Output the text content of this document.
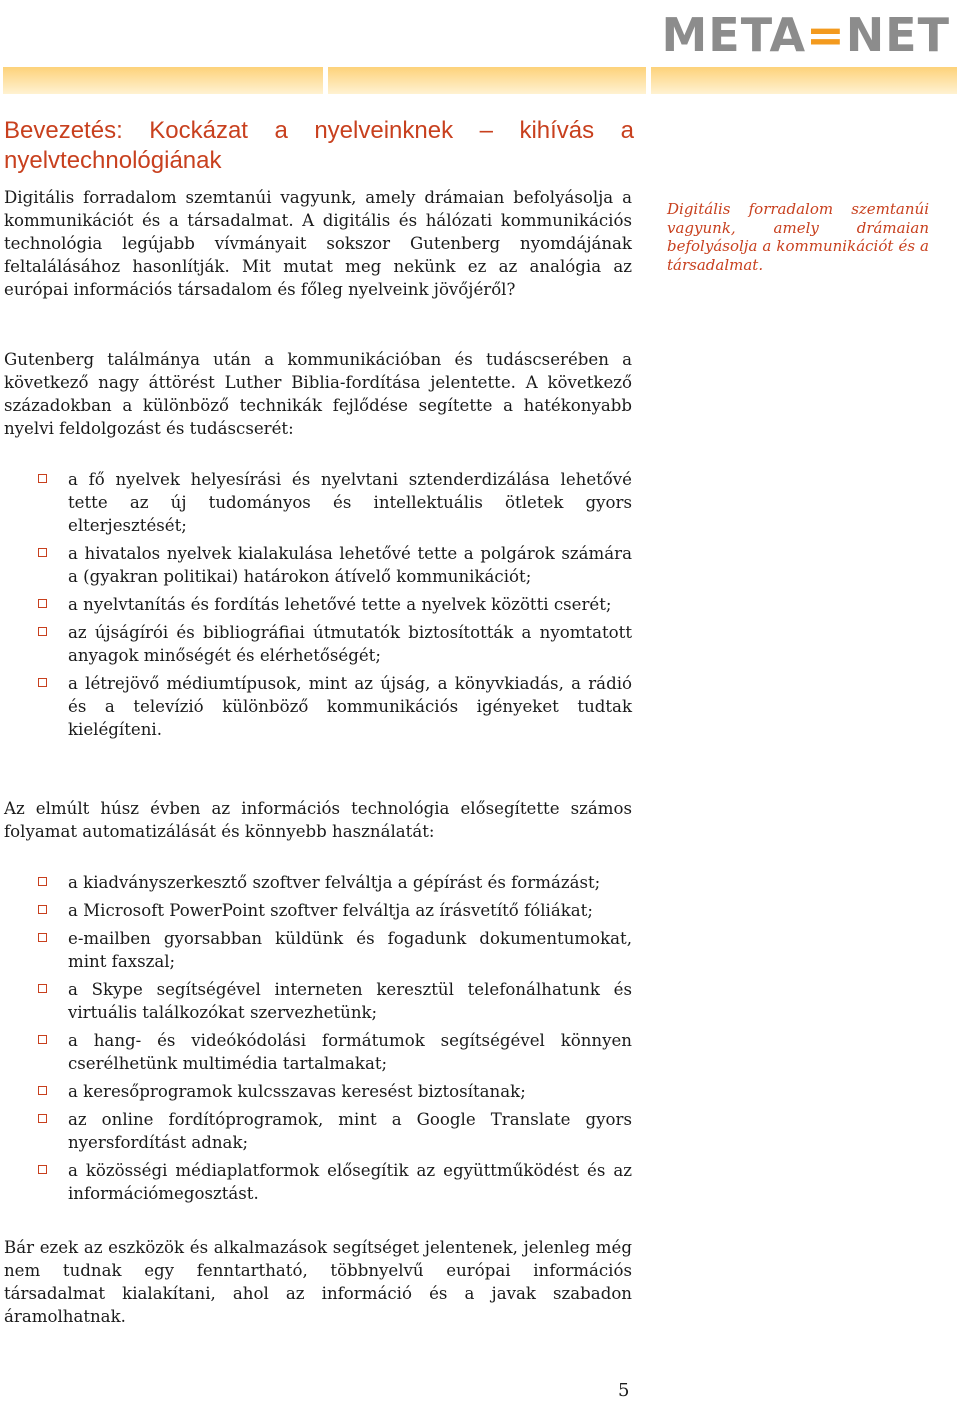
META=NET
Bevezetés: Kockázat a nyelveinknek – kihívás a nyelvtechnológiának

Digitális forradalom szemtanúi vagyunk, amely drámaian befolyásolja a kommunikációt és a társadalmat. A digitális és hálózati kommunikációs technológia legújabb vívmányait sokszor Gutenberg nyomdájának feltalálásához hasonlítják. Mit mutat meg nekünk ez az analógia az európai információs társadalom és főleg nyelveink jövőjéről?

Digitális forradalom szemtanúi vagyunk, amely drámaian befolyásolja a kommunikációt és a társadalmat.

Gutenberg találmánya után a kommunikációban és tudáscserében a következő nagy áttörést Luther Biblia-fordítása jelentette. A következő századokban a különböző technikák fejlődése segítette a hatékonyabb nyelvi feldolgozást és tudáscserét:

a fő nyelvek helyesírási és nyelvtani sztenderdizálása lehetővé tette az új tudományos és intellektuális ötletek gyors elterjesztését;
a hivatalos nyelvek kialakulása lehetővé tette a polgárok számára a (gyakran politikai) határokon átívelő kommunikációt;
a nyelvtanítás és fordítás lehetővé tette a nyelvek közötti cserét;
az újságírói és bibliográfiai útmutatók biztosították a nyomtatott anyagok minőségét és elérhetőségét;
a létrejövő médiumtípusok, mint az újság, a könyvkiadás, a rádió és a televízió különböző kommunikációs igényeket tudtak kielégíteni.

Az elmúlt húsz évben az információs technológia elősegítette számos folyamat automatizálását és könnyebb használatát:

a kiadványszerkesztő szoftver felváltja a gépírást és formázást;
a Microsoft PowerPoint szoftver felváltja az írásvetítő fóliákat;
e-mailben gyorsabban küldünk és fogadunk dokumentumokat, mint faxszal;
a Skype segítségével interneten keresztül telefonálhatunk és virtuális találkozókat szervezhetünk;
a hang- és videókódolási formátumok segítségével könnyen cserélhetünk multimédia tartalmakat;
a keresőprogramok kulcsszavas keresést biztosítanak;
az online fordítóprogramok, mint a Google Translate gyors nyersfordítást adnak;
a közösségi médiaplatformok elősegítik az együttműködést és az információmegosztást.

Bár ezek az eszközök és alkalmazások segítséget jelentenek, jelenleg még nem tudnak egy fenntartható, többnyelvű európai információs társadalmat kialakítani, ahol az információ és a javak szabadon áramolhatnak.

5
